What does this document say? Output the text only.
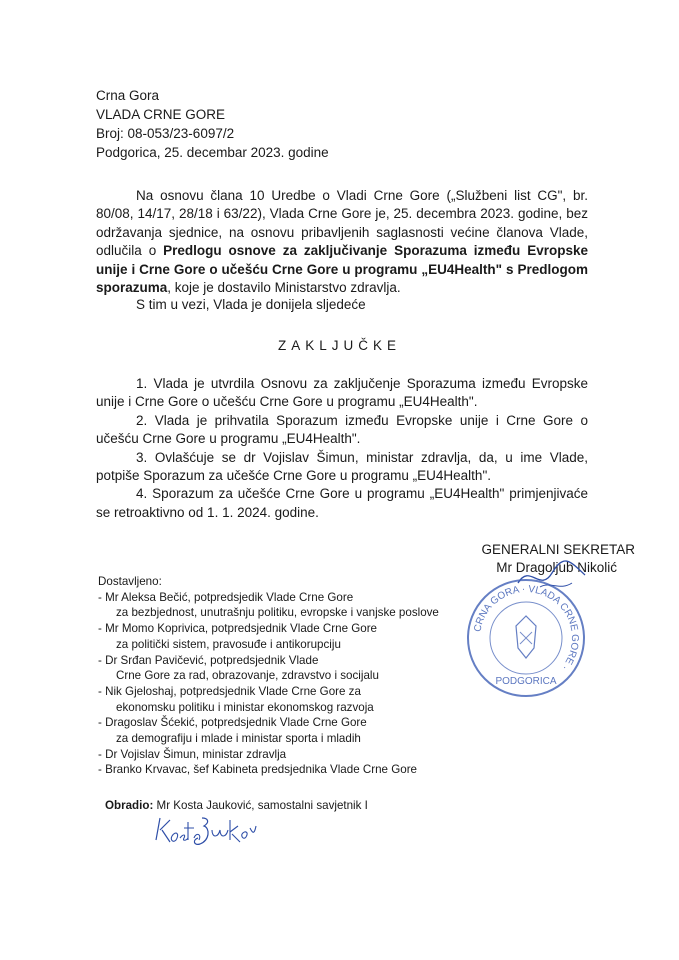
Crna Gora
VLADA CRNE GORE
Broj: 08-053/23-6097/2
Podgorica, 25. decembar 2023. godine
Na osnovu člana 10 Uredbe o Vladi Crne Gore („Službeni list CG", br. 80/08, 14/17, 28/18 i 63/22), Vlada Crne Gore je, 25. decembra 2023. godine, bez održavanja sjednice, na osnovu pribavljenih saglasnosti većine članova Vlade, odlučila o Predlogu osnove za zaključivanje Sporazuma između Evropske unije i Crne Gore o učešću Crne Gore u programu „EU4Health" s Predlogom sporazuma, koje je dostavilo Ministarstvo zdravlja.
S tim u vezi, Vlada je donijela sljedeće
ZAKLJUČKE

1. Vlada je utvrdila Osnovu za zaključenje Sporazuma između Evropske unije i Crne Gore o učešću Crne Gore u programu „EU4Health".

2. Vlada je prihvatila Sporazum između Evropske unije i Crne Gore o učešću Crne Gore u programu „EU4Health".

3. Ovlašćuje se dr Vojislav Šimun, ministar zdravlja, da, u ime Vlade, potpiše Sporazum za učešće Crne Gore u programu „EU4Health".

4. Sporazum za učešće Crne Gore u programu „EU4Health" primjenjivaće se retroaktivno od 1. 1. 2024. godine.

GENERALNI SEKRETAR
Mr Dragoljub Nikolić
CRNA GORA · VLADA CRNE GORE ·
PODGORICA
Dostavljeno:
- Mr Aleksa Bečić, potpredsjedik Vlade Crne Gore
za bezbjednost, unutrašnju politiku, evropske i vanjske poslove
- Mr Momo Koprivica, potpredsjednik Vlade Crne Gore
za politički sistem, pravosuđe i antikorupciju
- Dr Srđan Pavičević, potpredsjednik Vlade
Crne Gore za rad, obrazovanje, zdravstvo i socijalu
- Nik Gjeloshaj, potpredsjednik Vlade Crne Gore za
ekonomsku politiku i ministar ekonomskog razvoja
- Dragoslav Šćekić, potpredsjednik Vlade Crne Gore
za demografiju i mlade i ministar sporta i mladih
- Dr Vojislav Šimun, ministar zdravlja
- Branko Krvavac, šef Kabineta predsjednika Vlade Crne Gore
Obradio: Mr Kosta Jauković, samostalni savjetnik I
